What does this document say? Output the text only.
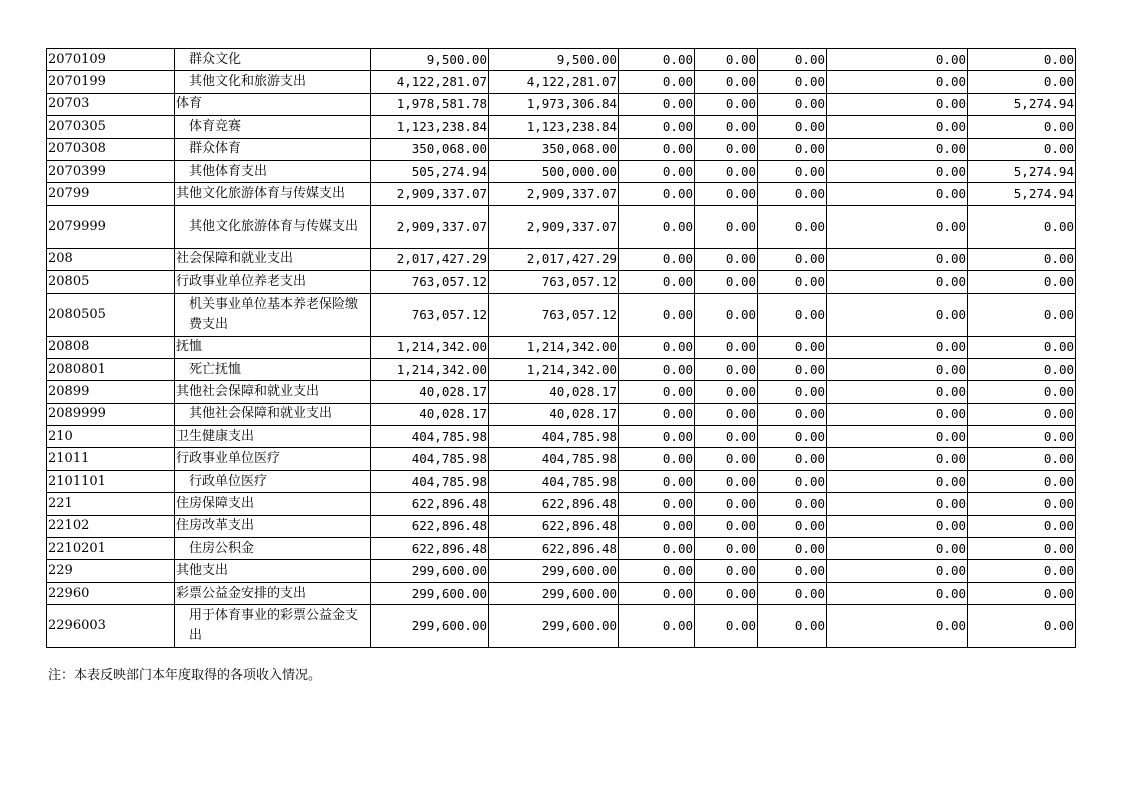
2070109	群众文化	9,500.00	9,500.00	0.00	0.00	0.00	0.00	0.00
2070199	其他文化和旅游支出	4,122,281.07	4,122,281.07	0.00	0.00	0.00	0.00	0.00
20703	体育	1,978,581.78	1,973,306.84	0.00	0.00	0.00	0.00	5,274.94
2070305	体育竞赛	1,123,238.84	1,123,238.84	0.00	0.00	0.00	0.00	0.00
2070308	群众体育	350,068.00	350,068.00	0.00	0.00	0.00	0.00	0.00
2070399	其他体育支出	505,274.94	500,000.00	0.00	0.00	0.00	0.00	5,274.94
20799	其他文化旅游体育与传媒支出	2,909,337.07	2,909,337.07	0.00	0.00	0.00	0.00	5,274.94
2079999	其他文化旅游体育与传媒支出	2,909,337.07	2,909,337.07	0.00	0.00	0.00	0.00	0.00
208	社会保障和就业支出	2,017,427.29	2,017,427.29	0.00	0.00	0.00	0.00	0.00
20805	行政事业单位养老支出	763,057.12	763,057.12	0.00	0.00	0.00	0.00	0.00
2080505	机关事业单位基本养老保险缴费支出	763,057.12	763,057.12	0.00	0.00	0.00	0.00	0.00
20808	抚恤	1,214,342.00	1,214,342.00	0.00	0.00	0.00	0.00	0.00
2080801	死亡抚恤	1,214,342.00	1,214,342.00	0.00	0.00	0.00	0.00	0.00
20899	其他社会保障和就业支出	40,028.17	40,028.17	0.00	0.00	0.00	0.00	0.00
2089999	其他社会保障和就业支出	40,028.17	40,028.17	0.00	0.00	0.00	0.00	0.00
210	卫生健康支出	404,785.98	404,785.98	0.00	0.00	0.00	0.00	0.00
21011	行政事业单位医疗	404,785.98	404,785.98	0.00	0.00	0.00	0.00	0.00
2101101	行政单位医疗	404,785.98	404,785.98	0.00	0.00	0.00	0.00	0.00
221	住房保障支出	622,896.48	622,896.48	0.00	0.00	0.00	0.00	0.00
22102	住房改革支出	622,896.48	622,896.48	0.00	0.00	0.00	0.00	0.00
2210201	住房公积金	622,896.48	622,896.48	0.00	0.00	0.00	0.00	0.00
229	其他支出	299,600.00	299,600.00	0.00	0.00	0.00	0.00	0.00
22960	彩票公益金安排的支出	299,600.00	299,600.00	0.00	0.00	0.00	0.00	0.00
2296003	用于体育事业的彩票公益金支出	299,600.00	299,600.00	0.00	0.00	0.00	0.00	0.00
注：本表反映部门本年度取得的各项收入情况。
